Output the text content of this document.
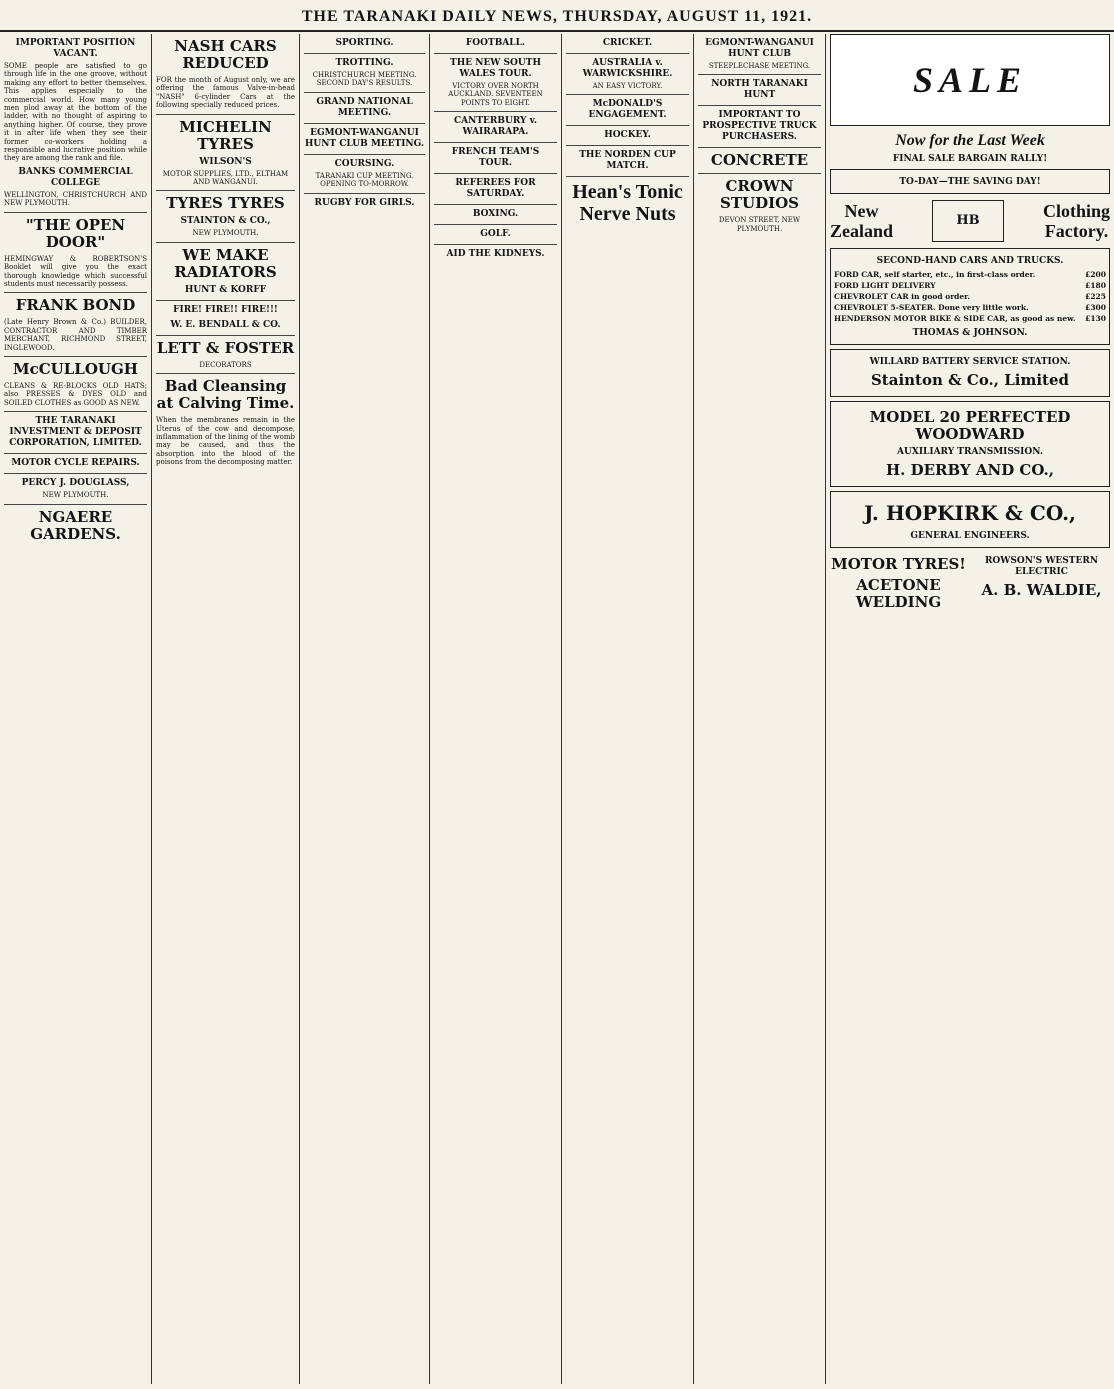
THE TARANAKI DAILY NEWS, THURSDAY, AUGUST 11, 1921.
IMPORTANT POSITION VACANT.

SOME people are satisfied to go through life in the one groove, without making any effort to better themselves. This applies especially to the commercial world. How many young men plod away at the bottom of the ladder, with no thought of aspiring to anything higher. Of course, they prove it in after life when they see their former co-workers holding a responsible and lucrative position while they are among the rank and file.

BANKS COMMERCIAL COLLEGE

WELLINGTON, CHRISTCHURCH AND NEW PLYMOUTH.

"THE OPEN DOOR"

HEMINGWAY & ROBERTSON'S Booklet will give you the exact thorough knowledge which successful students must necessarily possess.

FRANK BOND

(Late Henry Brown & Co.) BUILDER, CONTRACTOR AND TIMBER MERCHANT, RICHMOND STREET, INGLEWOOD.

McCULLOUGH

CLEANS & RE-BLOCKS OLD HATS; also PRESSES & DYES OLD and SOILED CLOTHES as GOOD AS NEW.

THE TARANAKI INVESTMENT & DEPOSIT CORPORATION, LIMITED.
MOTOR CYCLE REPAIRS.
PERCY J. DOUGLASS,

NEW PLYMOUTH.

NGAERE GARDENS.
NASH CARS REDUCED

FOR the month of August only, we are offering the famous Valve-in-head "NASH" 6-cylinder Cars at the following specially reduced prices.

MICHELIN TYRES
WILSON'S

MOTOR SUPPLIES, LTD., ELTHAM AND WANGANUI.

TYRES TYRES
STAINTON & CO.,

NEW PLYMOUTH.

WE MAKE RADIATORS
HUNT & KORFF
FIRE! FIRE!! FIRE!!!
W. E. BENDALL & CO.
LETT & FOSTER

DECORATORS

Bad Cleansing at Calving Time.

When the membranes remain in the Uterus of the cow and decompose, inflammation of the lining of the womb may be caused, and thus the absorption into the blood of the poisons from the decomposing matter.

SPORTING.
TROTTING.

CHRISTCHURCH MEETING. SECOND DAY'S RESULTS.

GRAND NATIONAL MEETING.
EGMONT-WANGANUI HUNT CLUB MEETING.
COURSING.

TARANAKI CUP MEETING. OPENING TO-MORROW.

RUGBY FOR GIRLS.
FOOTBALL.
THE NEW SOUTH WALES TOUR.

VICTORY OVER NORTH AUCKLAND. SEVENTEEN POINTS TO EIGHT.

CANTERBURY v. WAIRARAPA.
FRENCH TEAM'S TOUR.
REFEREES FOR SATURDAY.
BOXING.
GOLF.
AID THE KIDNEYS.
CRICKET.
AUSTRALIA v. WARWICKSHIRE.

AN EASY VICTORY.

McDONALD'S ENGAGEMENT.
HOCKEY.
THE NORDEN CUP MATCH.
Hean's Tonic Nerve Nuts
EGMONT-WANGANUI HUNT CLUB

STEEPLECHASE MEETING.

NORTH TARANAKI HUNT
IMPORTANT TO PROSPECTIVE TRUCK PURCHASERS.
CONCRETE
CROWN STUDIOS

DEVON STREET, NEW PLYMOUTH.

SALE
Now for the Last Week
FINAL SALE BARGAIN RALLY!
TO-DAY—THE SAVING DAY!
New
Zealand
HB	Clothing
Factory.
SECOND-HAND CARS AND TRUCKS.
FORD CAR, self starter, etc., in first-class order.	£200
FORD LIGHT DELIVERY	£180
CHEVROLET CAR in good order.	£225
CHEVROLET 5-SEATER. Done very little work.	£300
HENDERSON MOTOR BIKE & SIDE CAR, as good as new. £130
THOMAS & JOHNSON.
WILLARD BATTERY SERVICE STATION.
Stainton & Co., Limited
MODEL 20 PERFECTED WOODWARD
AUXILIARY TRANSMISSION.
H. DERBY AND CO.,
J. HOPKIRK & CO.,
GENERAL ENGINEERS.
MOTOR TYRES!
ACETONE WELDING
ROWSON'S WESTERN ELECTRIC
A. B. WALDIE,
